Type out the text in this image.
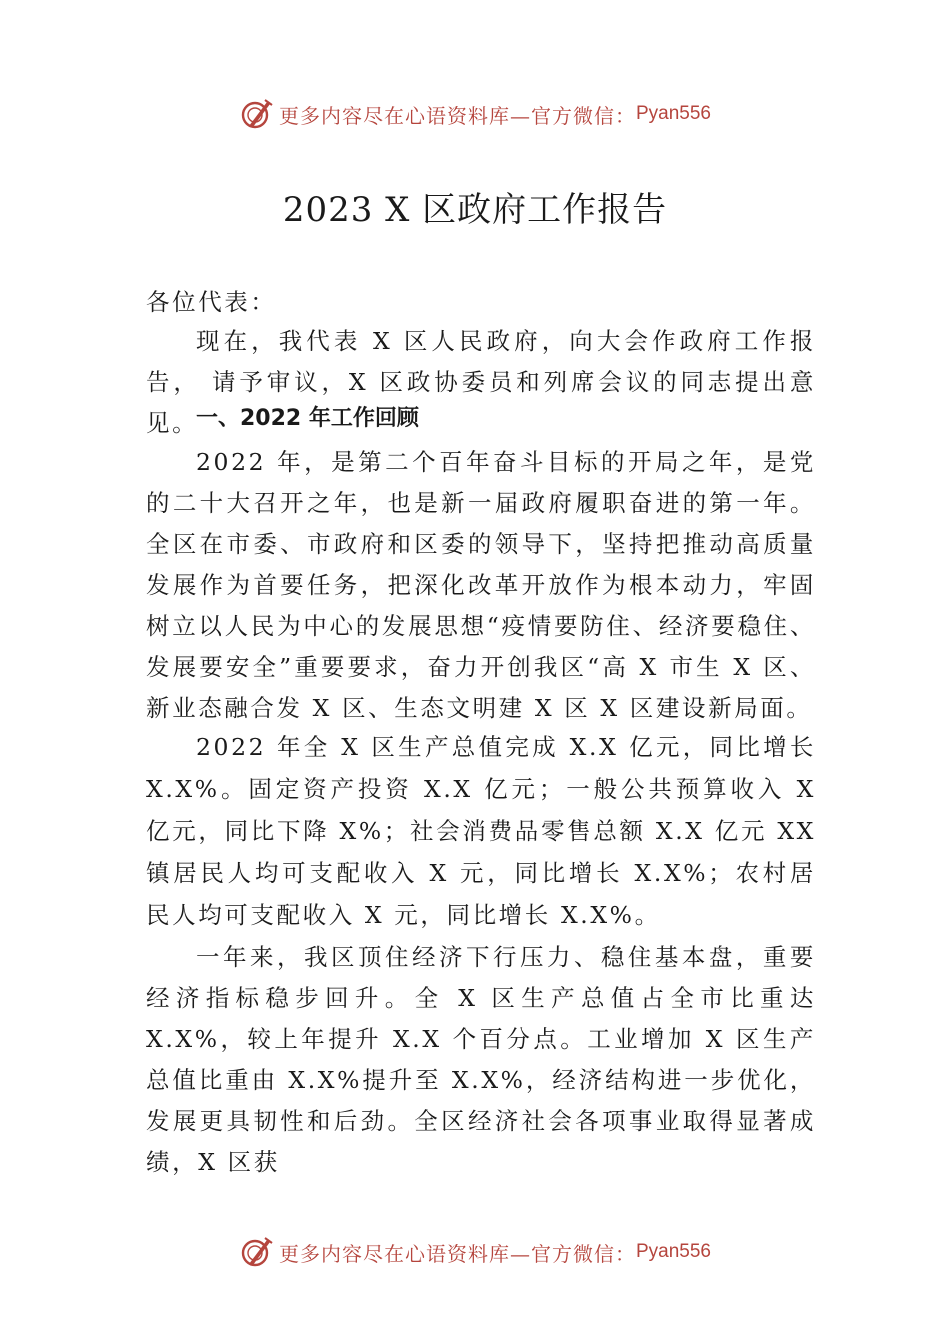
更多内容尽在心语资料库—官方微信： Pyan556
2023 X 区政府工作报告
各位代表：
现在，我代表 X 区人民政府，向大会作政府工作报告， 请予审议，X 区政协委员和列席会议的同志提出意见。
一、2022 年工作回顾
2022 年，是第二个百年奋斗目标的开局之年，是党的二十大召开之年，也是新一届政府履职奋进的第一年。全区在市委、市政府和区委的领导下，坚持把推动高质量发展作为首要任务，把深化改革开放作为根本动力，牢固树立以人民为中心的发展思想“疫情要防住、经济要稳住、发展要安全”重要要求，奋力开创我区“高 X 市生 X 区、新业态融合发 X 区、生态文明建 X 区 X 区建设新局面。
2022 年全 X 区生产总值完成 X.X 亿元，同比增长 X.X%。固定资产投资 X.X 亿元；一般公共预算收入 X 亿元，同比下降 X%；社会消费品零售总额 X.X 亿元 XX 镇居民人均可支配收入 X 元，同比增长 X.X%；农村居民人均可支配收入 X 元，同比增长 X.X%。
一年来，我区顶住经济下行压力、稳住基本盘，重要经济指标稳步回升。全 X 区生产总值占全市比重达 X.X%，较上年提升 X.X 个百分点。工业增加 X 区生产总值比重由 X.X%提升至 X.X%，经济结构进一步优化，发展更具韧性和后劲。全区经济社会各项事业取得显著成绩，X 区获
更多内容尽在心语资料库—官方微信： Pyan556
